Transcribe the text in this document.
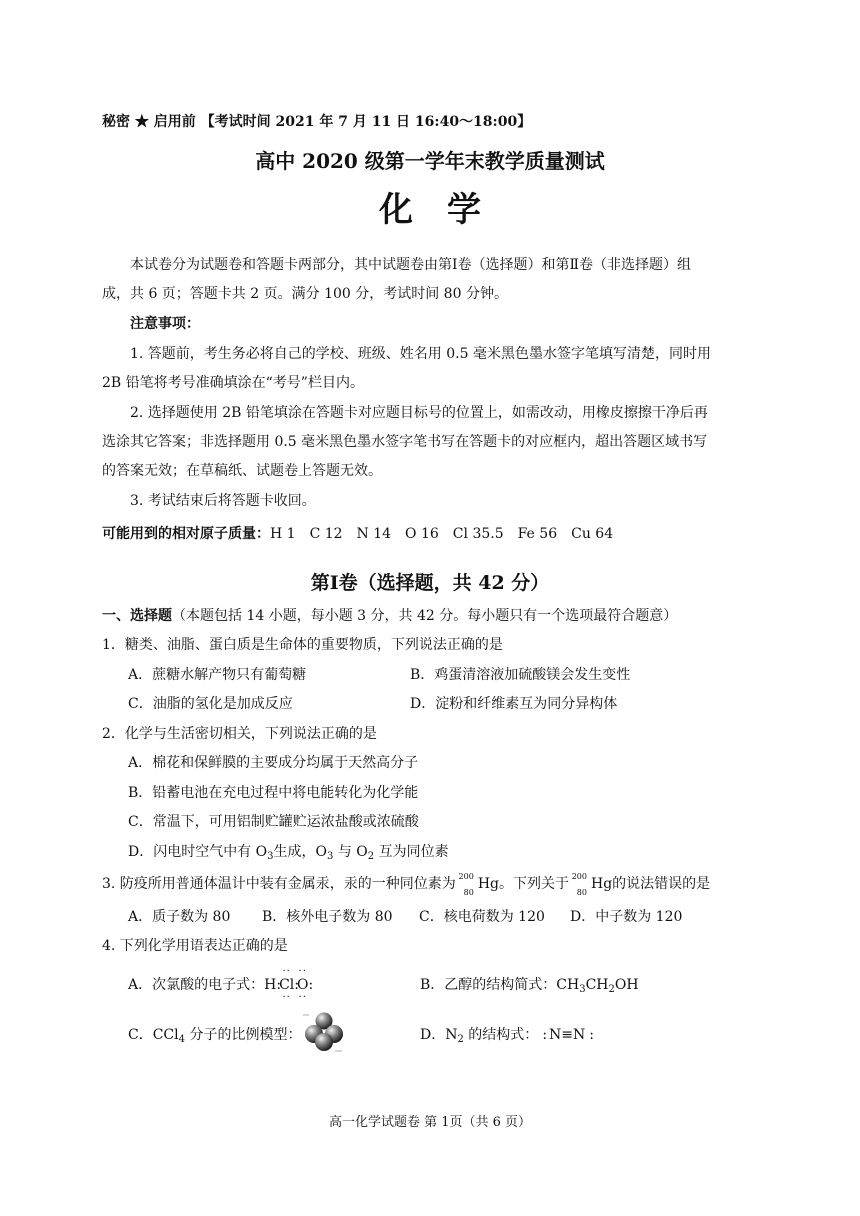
秘密 ★ 启用前 【考试时间 2021 年 7 月 11 日 16:40～18:00】
高中 2020 级第一学年末教学质量测试
化　学
本试卷分为试题卷和答题卡两部分，其中试题卷由第Ⅰ卷（选择题）和第Ⅱ卷（非选择题）组
成，共 6 页；答题卡共 2 页。满分 100 分，考试时间 80 分钟。
注意事项：
1. 答题前，考生务必将自己的学校、班级、姓名用 0.5 毫米黑色墨水签字笔填写清楚，同时用
2B 铅笔将考号准确填涂在“考号”栏目内。
2. 选择题使用 2B 铅笔填涂在答题卡对应题目标号的位置上，如需改动，用橡皮擦擦干净后再
选涂其它答案；非选择题用 0.5 毫米黑色墨水签字笔书写在答题卡的对应框内，超出答题区域书写
的答案无效；在草稿纸、试题卷上答题无效。
3. 考试结束后将答题卡收回。
可能用到的相对原子质量：H 1　C 12　N 14　O 16　Cl 35.5　Fe 56　Cu 64
第Ⅰ卷（选择题，共 42 分）
一、选择题（本题包括 14 小题，每小题 3 分，共 42 分。每小题只有一个选项最符合题意）
1．糖类、油脂、蛋白质是生命体的重要物质，下列说法正确的是
A．蔗糖水解产物只有葡萄糖	B．鸡蛋清溶液加硫酸镁会发生变性
C．油脂的氢化是加成反应	D．淀粉和纤维素互为同分异构体
2．化学与生活密切相关，下列说法正确的是
A．棉花和保鲜膜的主要成分均属于天然高分子
B．铅蓄电池在充电过程中将电能转化为化学能
C．常温下，可用铝制贮罐贮运浓盐酸或浓硫酸
D．闪电时空气中有 $O_3$生成，$O_3$ 与 $O_2$ 互为同位素
3. 防疫所用普通体温计中装有金属汞，汞的一种同位素为 200
80
Hg。下列关于 200
80
Hg的说法错误的是
A．质子数为 80 B．核外电子数为 80 C．核电荷数为 120 D．中子数为 120
4. 下列化学用语表达正确的是
A．次氯酸的电子式：H:
··
Cl
··
:
··
O
··
:	B．乙醇的结构简式：$CH_3CH_2OH$
C．CCl$_4$ 分子的比例模型：	D．$N_2$ 的结构式： : N≡N :
高一化学试题卷 第 1页（共 6 页）
